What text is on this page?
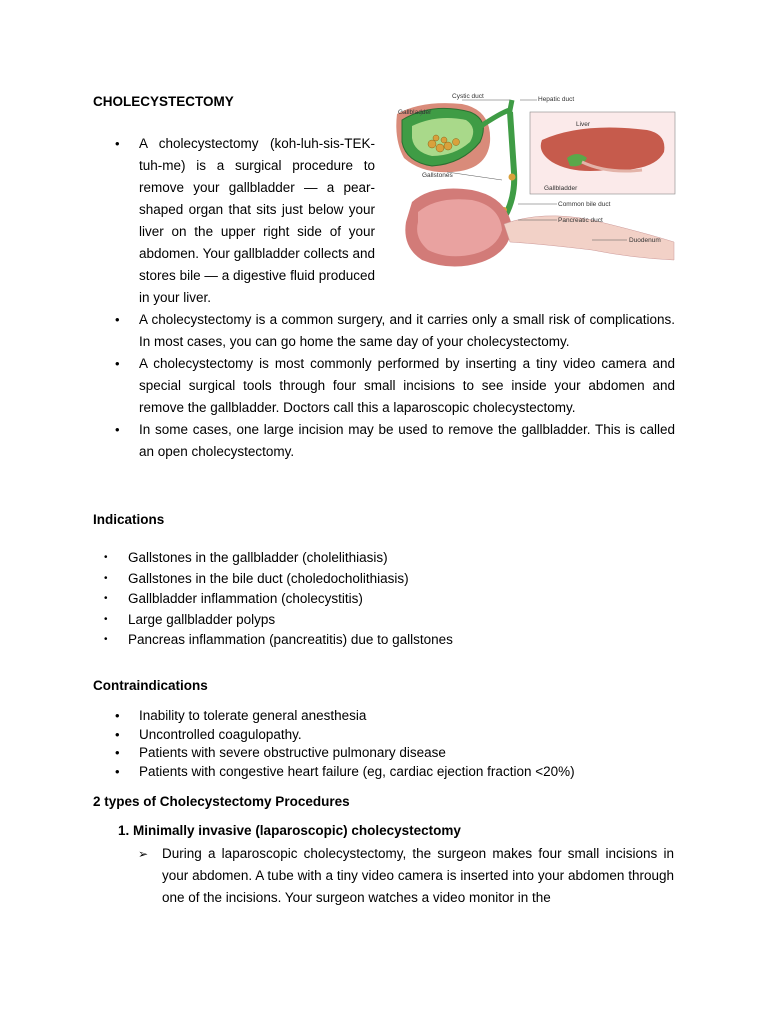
CHOLECYSTECTOMY
• A cholecystectomy (koh-luh-sis-TEK-tuh-me) is a surgical procedure to remove your gallbladder — a pear-shaped organ that sits just below your liver on the upper right side of your abdomen. Your gallbladder collects and stores bile — a digestive fluid produced in your liver.
• A cholecystectomy is a common surgery, and it carries only a small risk of complications. In most cases, you can go home the same day of your cholecystectomy.
• A cholecystectomy is most commonly performed by inserting a tiny video camera and special surgical tools through four small incisions to see inside your abdomen and remove the gallbladder. Doctors call this a laparoscopic cholecystectomy.
• In some cases, one large incision may be used to remove the gallbladder. This is called an open cholecystectomy.
Cystic duct	Hepatic duct
Gallbladder
Liver
Gallstones
Gallbladder
Common bile duct
Pancreatic duct
Duodenum
Indications
• Gallstones in the gallbladder (cholelithiasis)
• Gallstones in the bile duct (choledocholithiasis)
• Gallbladder inflammation (cholecystitis)
• Large gallbladder polyps
• Pancreas inflammation (pancreatitis) due to gallstones
Contraindications
• Inability to tolerate general anesthesia
• Uncontrolled coagulopathy.
• Patients with severe obstructive pulmonary disease
• Patients with congestive heart failure (eg, cardiac ejection fraction <20%)
2 types of Cholecystectomy Procedures
1. Minimally invasive (laparoscopic) cholecystectomy
➢ During a laparoscopic cholecystectomy, the surgeon makes four small incisions in your abdomen. A tube with a tiny video camera is inserted into your abdomen through one of the incisions. Your surgeon watches a video monitor in the
